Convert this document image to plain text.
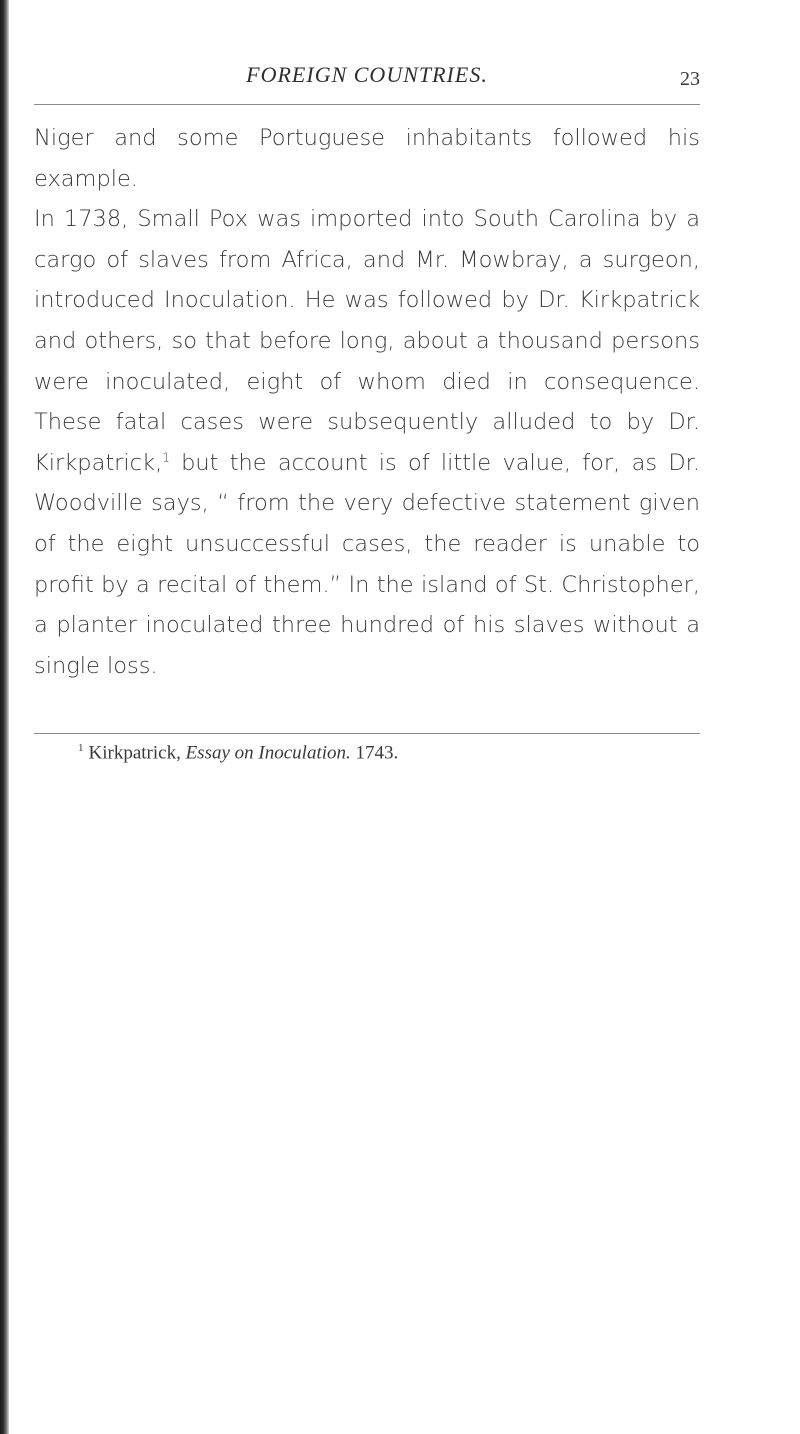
FOREIGN COUNTRIES.	23

Niger and some Portuguese inhabitants followed his example.

In 1738, Small Pox was imported into South Carolina by a cargo of slaves from Africa, and Mr. Mowbray, a surgeon, introduced Inoculation. He was followed by Dr. Kirkpatrick and others, so that before long, about a thousand persons were inoculated, eight of whom died in consequence. These fatal cases were subsequently alluded to by Dr. Kirkpatrick,$^1$ but the account is of little value, for, as Dr. Woodville says, “ from the very defective statement given of the eight unsuccessful cases, the reader is unable to profit by a recital of them.” In the island of St. Christopher, a planter inoculated three hundred of his slaves without a single loss.

$^1$ Kirkpatrick, Essay on Inoculation. 1743.
